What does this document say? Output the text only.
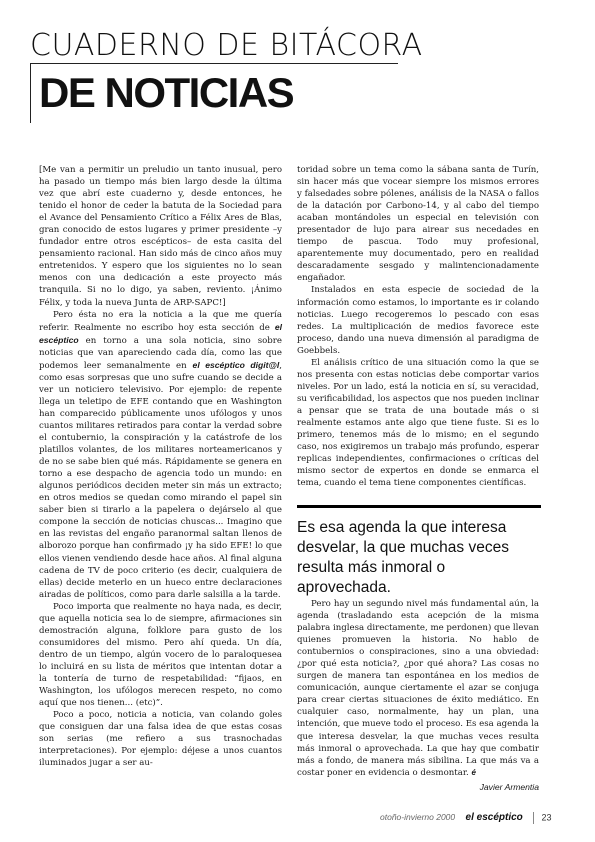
CUADERNO DE BITÁCORA
DE NOTICIAS

[Me van a permitir un preludio un tanto inusual, pero ha pasado un tiempo más bien largo desde la última vez que abrí este cuaderno y, desde entonces, he tenido el honor de ceder la batuta de la Sociedad para el Avance del Pensamiento Crítico a Félix Ares de Blas, gran conocido de estos lugares y primer presidente –y fundador entre otros escépticos– de esta casita del pensamiento racional. Han sido más de cinco años muy entretenidos. Y espero que los siguientes no lo sean menos con una dedicación a este proyecto más tranquila. Si no lo digo, ya saben, reviento. ¡Ánimo Félix, y toda la nueva Junta de ARP-SAPC!]

Pero ésta no era la noticia a la que me quería referir. Realmente no escribo hoy esta sección de el escéptico en torno a una sola noticia, sino sobre noticias que van apareciendo cada día, como las que podemos leer semanalmente en el escéptico digit@l, como esas sorpresas que uno sufre cuando se decide a ver un noticiero televisivo. Por ejemplo: de repente llega un teletipo de EFE contando que en Washington han comparecido públicamente unos ufólogos y unos cuantos militares retirados para contar la verdad sobre el contubernio, la conspiración y la catástrofe de los platillos volantes, de los militares norteamericanos y de no se sabe bien qué más. Rápidamente se genera en torno a ese despacho de agencia todo un mundo: en algunos periódicos deciden meter sin más un extracto; en otros medios se quedan como mirando el papel sin saber bien si tirarlo a la papelera o dejárselo al que compone la sección de noticias chuscas... Imagino que en las revistas del engaño paranormal saltan llenos de alborozo porque han confirmado ¡y ha sido EFE! lo que ellos vienen vendiendo desde hace años. Al final alguna cadena de TV de poco criterio (es decir, cualquiera de ellas) decide meterlo en un hueco entre declaraciones airadas de políticos, como para darle salsilla a la tarde.

Poco importa que realmente no haya nada, es decir, que aquella noticia sea lo de siempre, afirmaciones sin demostración alguna, folklore para gusto de los consumidores del mismo. Pero ahí queda. Un día, dentro de un tiempo, algún vocero de lo paraloquesea lo incluirá en su lista de méritos que intentan dotar a la tontería de turno de respetabilidad: “fijaos, en Washington, los ufólogos merecen respeto, no como aquí que nos tienen... (etc)”.

Poco a poco, noticia a noticia, van colando goles que consiguen dar una falsa idea de que estas cosas son serias (me refiero a sus trasnochadas interpretaciones). Por ejemplo: déjese a unos cuantos iluminados jugar a ser au-

toridad sobre un tema como la sábana santa de Turín, sin hacer más que vocear siempre los mismos errores y falsedades sobre pólenes, análisis de la NASA o fallos de la datación por Carbono-14, y al cabo del tiempo acaban montándoles un especial en televisión con presentador de lujo para airear sus necedades en tiempo de pascua. Todo muy profesional, aparentemente muy documentado, pero en realidad descaradamente sesgado y malintencionadamente engañador.

Instalados en esta especie de sociedad de la información como estamos, lo importante es ir colando noticias. Luego recogeremos lo pescado con esas redes. La multiplicación de medios favorece este proceso, dando una nueva dimensión al paradigma de Goebbels.

El análisis crítico de una situación como la que se nos presenta con estas noticias debe comportar varios niveles. Por un lado, está la noticia en sí, su veracidad, su verificabilidad, los aspectos que nos pueden inclinar a pensar que se trata de una boutade más o si realmente estamos ante algo que tiene fuste. Si es lo primero, tenemos más de lo mismo; en el segundo caso, nos exigiremos un trabajo más profundo, esperar replicas independientes, confirmaciones o críticas del mismo sector de expertos en donde se enmarca el tema, cuando el tema tiene componentes científicas.

Es esa agenda la que interesa desvelar, la que muchas veces resulta más inmoral o aprovechada.

Pero hay un segundo nivel más fundamental aún, la agenda (trasladando esta acepción de la misma palabra inglesa directamente, me perdonen) que llevan quienes promueven la historia. No hablo de contubernios o conspiraciones, sino a una obviedad: ¿por qué esta noticia?, ¿por qué ahora? Las cosas no surgen de manera tan espontánea en los medios de comunicación, aunque ciertamente el azar se conjuga para crear ciertas situaciones de éxito mediático. En cualquier caso, normalmente, hay un plan, una intención, que mueve todo el proceso. Es esa agenda la que interesa desvelar, la que muchas veces resulta más inmoral o aprovechada. La que hay que combatir más a fondo, de manera más sibilina. La que más va a costar poner en evidencia o desmontar. é

Javier Armentia
otoño-invierno 2000 el escéptico 23
